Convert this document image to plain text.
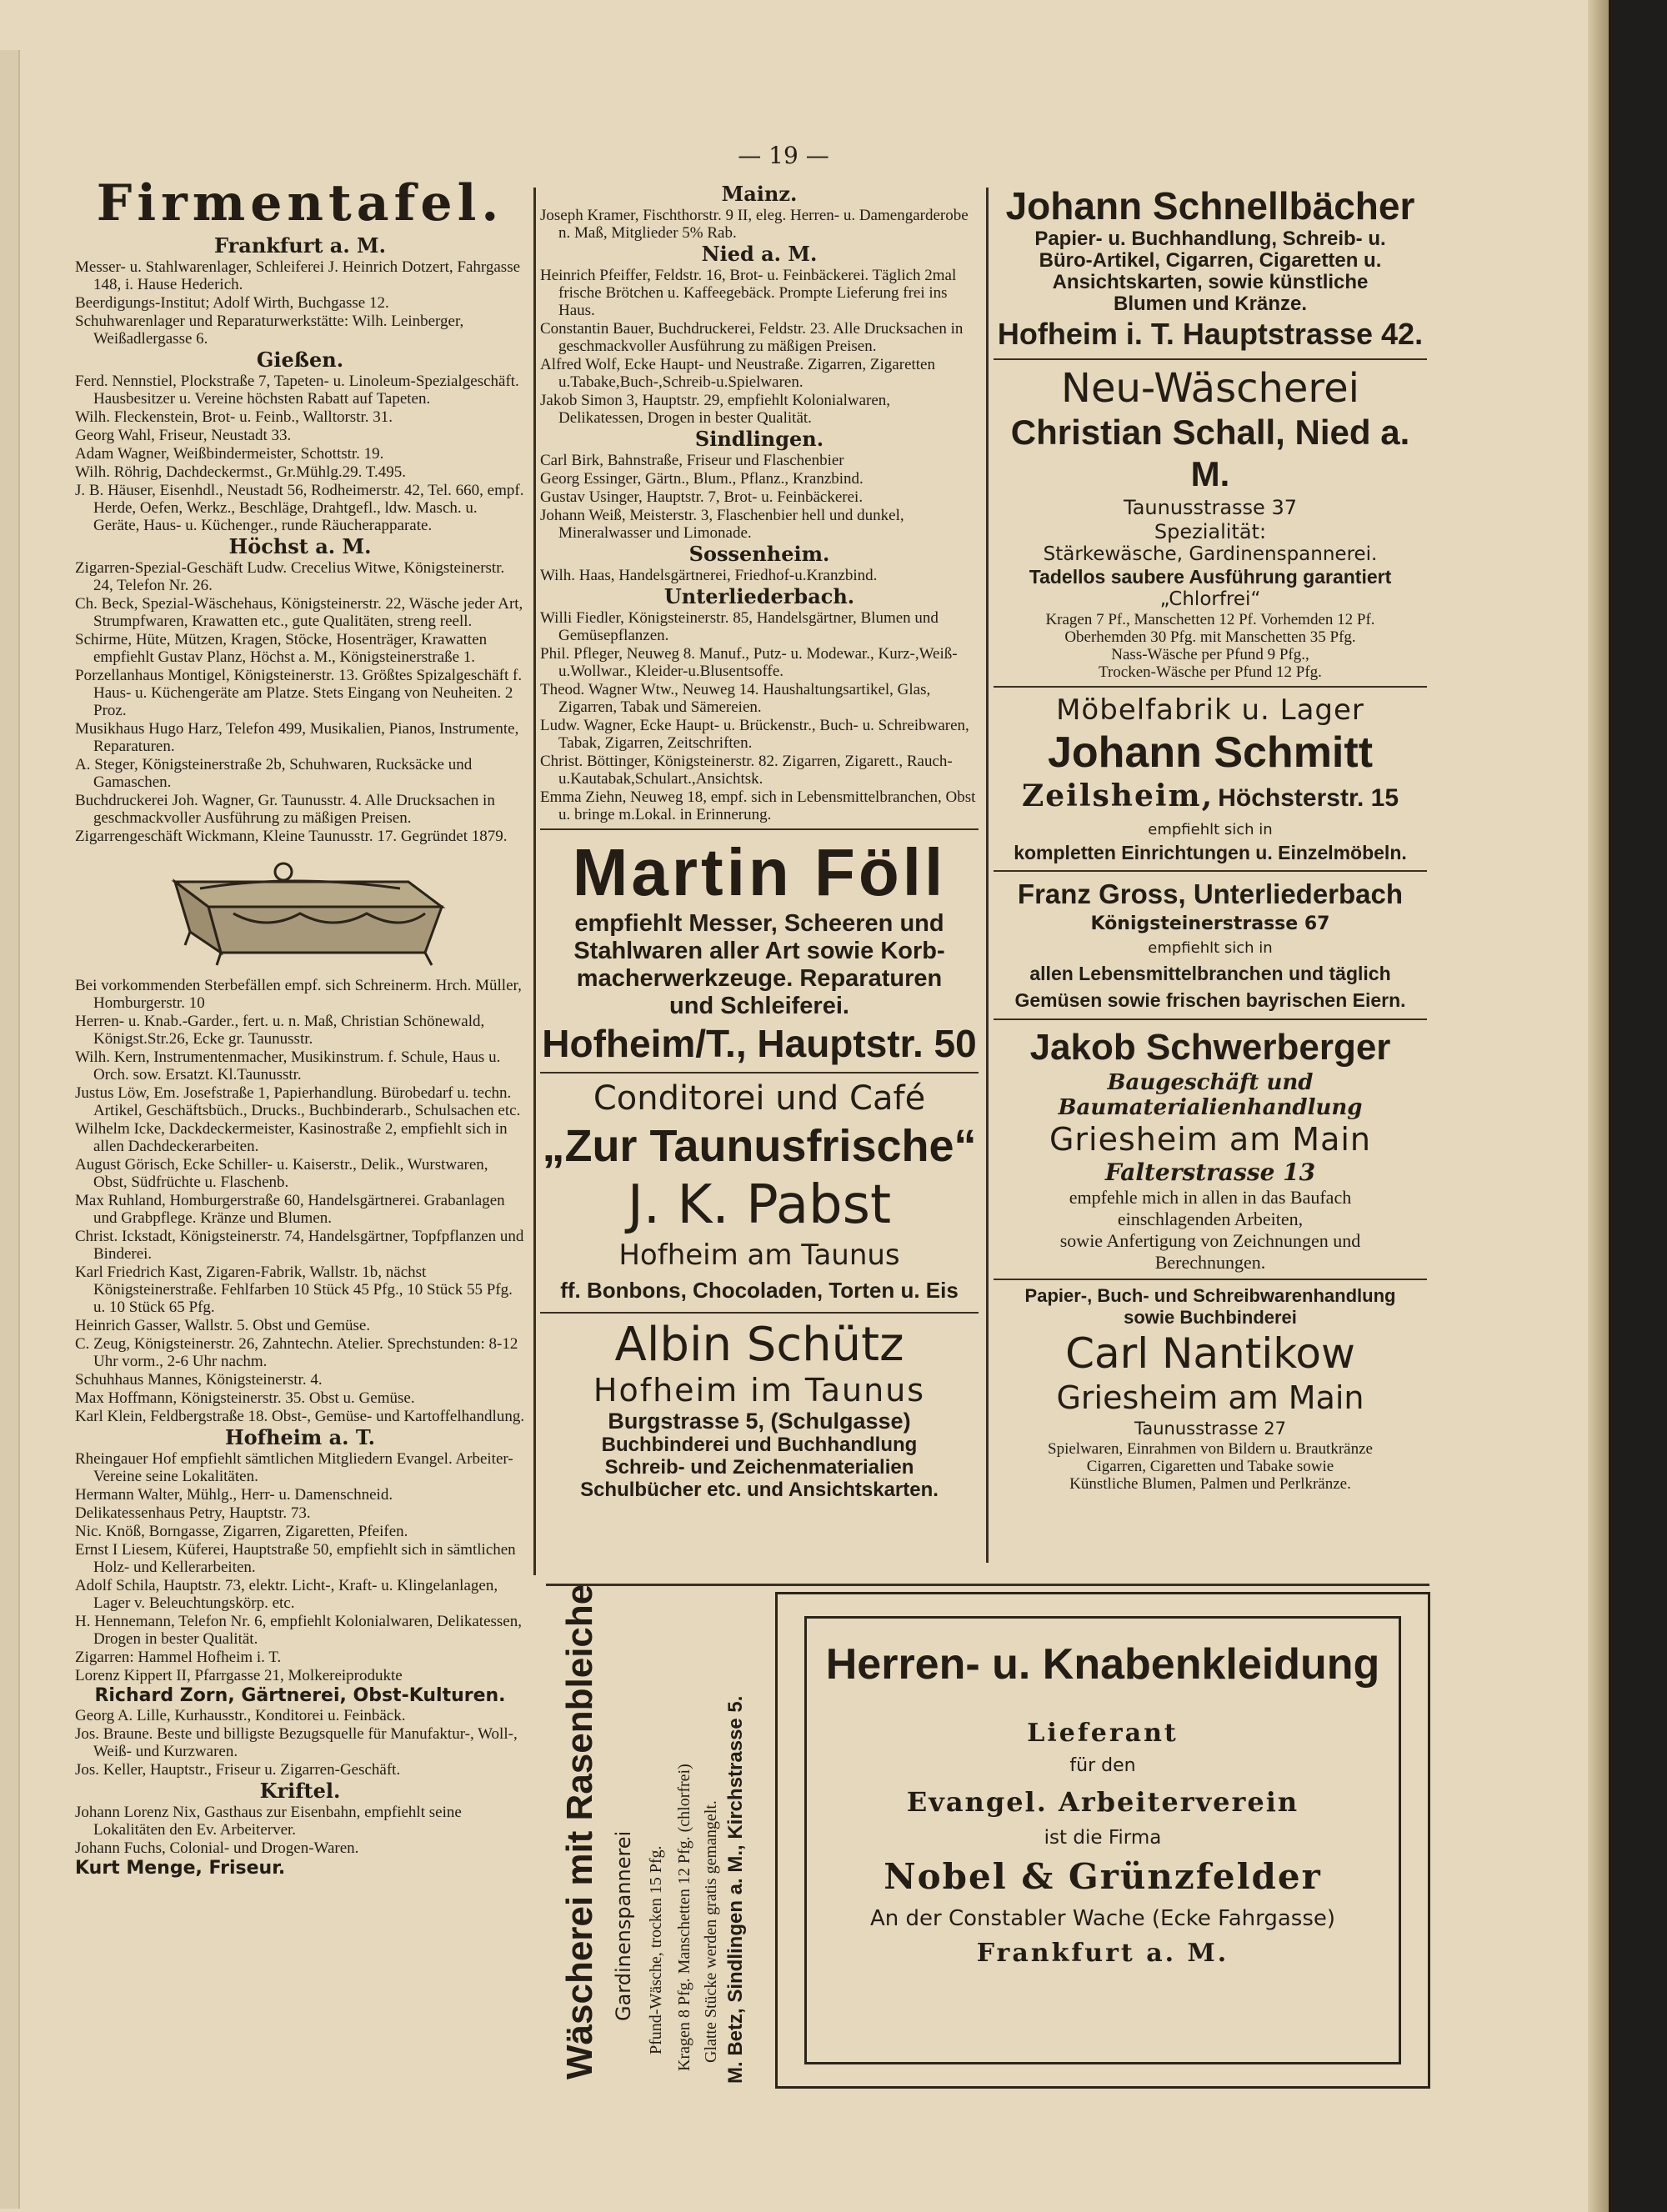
— 19 —
Firmentafel.
Frankfurt a. M.

Messer- u. Stahlwarenlager, Schleiferei J. Heinrich Dotzert, Fahrgasse 148, i. Hause Hederich.

Beerdigungs-Institut; Adolf Wirth, Buchgasse 12.

Schuhwarenlager und Reparaturwerkstätte: Wilh. Leinberger, Weißadlergasse 6.

Gießen.

Ferd. Nennstiel, Plockstraße 7, Tapeten- u. Linoleum-Spezialgeschäft. Hausbesitzer u. Vereine höchsten Rabatt auf Tapeten.

Wilh. Fleckenstein, Brot- u. Feinb., Walltorstr. 31.

Georg Wahl, Friseur, Neustadt 33.

Adam Wagner, Weißbindermeister, Schottstr. 19.

Wilh. Röhrig, Dachdeckermst., Gr.Mühlg.29. T.495.

J. B. Häuser, Eisenhdl., Neustadt 56, Rodheimerstr. 42, Tel. 660, empf. Herde, Oefen, Werkz., Beschläge, Drahtgefl., ldw. Masch. u. Geräte, Haus- u. Küchenger., runde Räucherapparate.

Höchst a. M.

Zigarren-Spezial-Geschäft Ludw. Crecelius Witwe, Königsteinerstr. 24, Telefon Nr. 26.

Ch. Beck, Spezial-Wäschehaus, Königsteinerstr. 22, Wäsche jeder Art, Strumpfwaren, Krawatten etc., gute Qualitäten, streng reell.

Schirme, Hüte, Mützen, Kragen, Stöcke, Hosenträger, Krawatten empfiehlt Gustav Planz, Höchst a. M., Königsteinerstraße 1.

Porzellanhaus Montigel, Königsteinerstr. 13. Größtes Spizalgeschäft f. Haus- u. Küchengeräte am Platze. Stets Eingang von Neuheiten. 2 Proz.

Musikhaus Hugo Harz, Telefon 499, Musikalien, Pianos, Instrumente, Reparaturen.

A. Steger, Königsteinerstraße 2b, Schuhwaren, Rucksäcke und Gamaschen.

Buchdruckerei Joh. Wagner, Gr. Taunusstr. 4. Alle Drucksachen in geschmackvoller Ausführung zu mäßigen Preisen.

Zigarrengeschäft Wickmann, Kleine Taunusstr. 17. Gegründet 1879.

Bei vorkommenden Sterbefällen empf. sich Schreinerm. Hrch. Müller, Homburgerstr. 10

Herren- u. Knab.-Garder., fert. u. n. Maß, Christian Schönewald, Königst.Str.26, Ecke gr. Taunusstr.

Wilh. Kern, Instrumentenmacher, Musikinstrum. f. Schule, Haus u. Orch. sow. Ersatzt. Kl.Taunusstr.

Justus Löw, Em. Josefstraße 1, Papierhandlung. Bürobedarf u. techn. Artikel, Geschäftsbüch., Drucks., Buchbinderarb., Schulsachen etc.

Wilhelm Icke, Dackdeckermeister, Kasinostraße 2, empfiehlt sich in allen Dachdeckerarbeiten.

August Görisch, Ecke Schiller- u. Kaiserstr., Delik., Wurstwaren, Obst, Südfrüchte u. Flaschenb.

Max Ruhland, Homburgerstraße 60, Handelsgärtnerei. Grabanlagen und Grabpflege. Kränze und Blumen.

Christ. Ickstadt, Königsteinerstr. 74, Handelsgärtner, Topfpflanzen und Binderei.

Karl Friedrich Kast, Zigaren-Fabrik, Wallstr. 1b, nächst Königsteinerstraße. Fehlfarben 10 Stück 45 Pfg., 10 Stück 55 Pfg. u. 10 Stück 65 Pfg.

Heinrich Gasser, Wallstr. 5. Obst und Gemüse.

C. Zeug, Königsteinerstr. 26, Zahntechn. Atelier. Sprechstunden: 8-12 Uhr vorm., 2-6 Uhr nachm.

Schuhhaus Mannes, Königsteinerstr. 4.

Max Hoffmann, Königsteinerstr. 35. Obst u. Gemüse.

Karl Klein, Feldbergstraße 18. Obst-, Gemüse- und Kartoffelhandlung.

Hofheim a. T.

Rheingauer Hof empfiehlt sämtlichen Mitgliedern Evangel. Arbeiter-Vereine seine Lokalitäten.

Hermann Walter, Mühlg., Herr- u. Damenschneid.

Delikatessenhaus Petry, Hauptstr. 73.

Nic. Knöß, Borngasse, Zigarren, Zigaretten, Pfeifen.

Ernst I Liesem, Küferei, Hauptstraße 50, empfiehlt sich in sämtlichen Holz- und Kellerarbeiten.

Adolf Schila, Hauptstr. 73, elektr. Licht-, Kraft- u. Klingelanlagen, Lager v. Beleuchtungskörp. etc.

H. Hennemann, Telefon Nr. 6, empfiehlt Kolonialwaren, Delikatessen, Drogen in bester Qualität.

Zigarren: Hammel Hofheim i. T.

Lorenz Kippert II, Pfarrgasse 21, Molkereiprodukte

Richard Zorn, Gärtnerei, Obst-Kulturen.

Georg A. Lille, Kurhausstr., Konditorei u. Feinbäck.

Jos. Braune. Beste und billigste Bezugsquelle für Manufaktur-, Woll-, Weiß- und Kurzwaren.

Jos. Keller, Hauptstr., Friseur u. Zigarren-Geschäft.

Kriftel.

Johann Lorenz Nix, Gasthaus zur Eisenbahn, empfiehlt seine Lokalitäten den Ev. Arbeiterver.

Johann Fuchs, Colonial- und Drogen-Waren.

Kurt Menge, Friseur.
Mainz.

Joseph Kramer, Fischthorstr. 9 II, eleg. Herren- u. Damengarderobe n. Maß, Mitglieder 5% Rab.

Nied a. M.

Heinrich Pfeiffer, Feldstr. 16, Brot- u. Feinbäckerei. Täglich 2mal frische Brötchen u. Kaffeegebäck. Prompte Lieferung frei ins Haus.

Constantin Bauer, Buchdruckerei, Feldstr. 23. Alle Drucksachen in geschmackvoller Ausführung zu mäßigen Preisen.

Alfred Wolf, Ecke Haupt- und Neustraße. Zigarren, Zigaretten u.Tabake,Buch-,Schreib-u.Spielwaren.

Jakob Simon 3, Hauptstr. 29, empfiehlt Kolonialwaren, Delikatessen, Drogen in bester Qualität.

Sindlingen.

Carl Birk, Bahnstraße, Friseur und Flaschenbier

Georg Essinger, Gärtn., Blum., Pflanz., Kranzbind.

Gustav Usinger, Hauptstr. 7, Brot- u. Feinbäckerei.

Johann Weiß, Meisterstr. 3, Flaschenbier hell und dunkel, Mineralwasser und Limonade.

Sossenheim.

Wilh. Haas, Handelsgärtnerei, Friedhof-u.Kranzbind.

Unterliederbach.

Willi Fiedler, Königsteinerstr. 85, Handelsgärtner, Blumen und Gemüsepflanzen.

Phil. Pfleger, Neuweg 8. Manuf., Putz- u. Modewar., Kurz-,Weiß- u.Wollwar., Kleider-u.Blusentsoffe.

Theod. Wagner Wtw., Neuweg 14. Haushaltungsartikel, Glas, Zigarren, Tabak und Sämereien.

Ludw. Wagner, Ecke Haupt- u. Brückenstr., Buch- u. Schreibwaren, Tabak, Zigarren, Zeitschriften.

Christ. Böttinger, Königsteinerstr. 82. Zigarren, Zigarett., Rauch-u.Kautabak,Schulart.,Ansichtsk.

Emma Ziehn, Neuweg 18, empf. sich in Lebensmittelbranchen, Obst u. bringe m.Lokal. in Erinnerung.

Martin Föll
empfiehlt Messer, Scheeren und
Stahlwaren aller Art sowie Korb-
macherwerkzeuge. Reparaturen
und Schleiferei.
Hofheim/T., Hauptstr. 50
Conditorei und Café
„Zur Taunusfrische“
J. K. Pabst
Hofheim am Taunus
ff. Bonbons, Chocoladen, Torten u. Eis
Albin Schütz
Hofheim im Taunus
Burgstrasse 5, (Schulgasse)
Buchbinderei und Buchhandlung
Schreib- und Zeichenmaterialien
Schulbücher etc. und Ansichtskarten.
Johann Schnellbächer
Papier- u. Buchhandlung, Schreib- u.
Büro-Artikel, Cigarren, Cigaretten u.
Ansichtskarten, sowie künstliche
Blumen und Kränze.
Hofheim i. T. Hauptstrasse 42.
Neu-Wäscherei
Christian Schall, Nied a. M.
Taunusstrasse 37
Spezialität:
Stärkewäsche, Gardinenspannerei.
Tadellos saubere Ausführung garantiert
„Chlorfrei“
Kragen 7 Pf., Manschetten 12 Pf. Vorhemden 12 Pf.
Oberhemden 30 Pfg. mit Manschetten 35 Pfg.
Nass-Wäsche per Pfund 9 Pfg.,
Trocken-Wäsche per Pfund 12 Pfg.
Möbelfabrik u. Lager
Johann Schmitt
Zeilsheim, Höchsterstr. 15
empfiehlt sich in
kompletten Einrichtungen u. Einzelmöbeln.
Franz Gross, Unterliederbach
Königsteinerstrasse 67
empfiehlt sich in
allen Lebensmittelbranchen und täglich
Gemüsen sowie frischen bayrischen Eiern.
Jakob Schwerberger
Baugeschäft und
Baumaterialienhandlung
Griesheim am Main
Falterstrasse 13
empfehle mich in allen in das Baufach
einschlagenden Arbeiten,
sowie Anfertigung von Zeichnungen und
Berechnungen.
Papier-, Buch- und Schreibwarenhandlung
sowie Buchbinderei
Carl Nantikow
Griesheim am Main
Taunusstrasse 27
Spielwaren, Einrahmen von Bildern u. Brautkränze
Cigarren, Cigaretten und Tabake sowie
Künstliche Blumen, Palmen und Perlkränze.
Wäscherei mit Rasenbleiche Gardinenspannerei Pfund-Wäsche, trocken 15 Pfg. Kragen 8 Pfg. Manschetten 12 Pfg. (chlorfrei) Glatte Stücke werden gratis gemangelt. M. Betz, Sindlingen a. M., Kirchstrasse 5.
Herren- u. Knabenkleidung
Lieferant
für den
Evangel. Arbeiterverein
ist die Firma
Nobel & Grünzfelder
An der Constabler Wache (Ecke Fahrgasse)
Frankfurt a. M.
